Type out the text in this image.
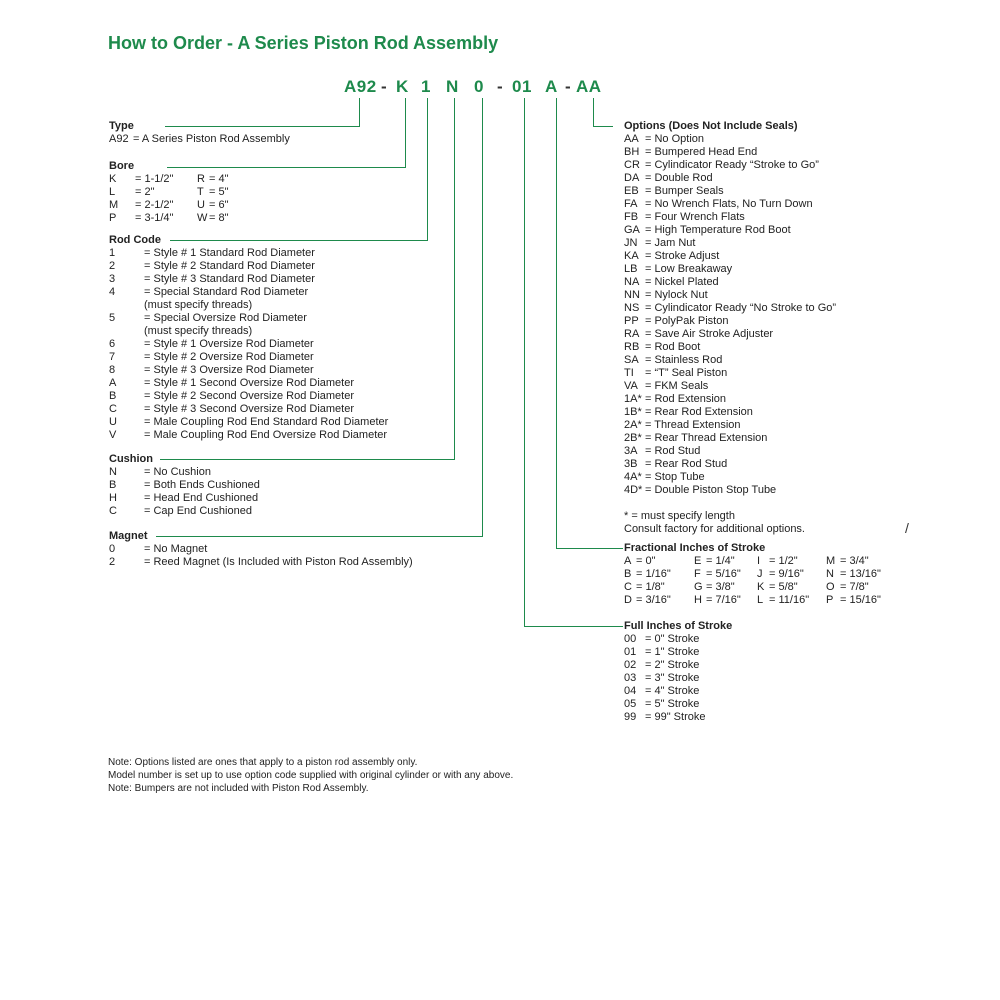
How to Order - A Series Piston Rod Assembly
A92 - K 1 N 0 - 01 A - AA
Type
A92 = A Series Piston Rod Assembly
Bore
K	= 1-1/2"	R = 4"
L	= 2"	T = 5"
M	= 2-1/2"	U = 6"
P	= 3-1/4"	W = 8"
Rod Code
1	= Style # 1 Standard Rod Diameter
2	= Style # 2 Standard Rod Diameter
3	= Style # 3 Standard Rod Diameter
4	= Special Standard Rod Diameter
(must specify threads)
5	= Special Oversize Rod Diameter
(must specify threads)
6	= Style # 1 Oversize Rod Diameter
7	= Style # 2 Oversize Rod Diameter
8	= Style # 3 Oversize Rod Diameter
A	= Style # 1 Second Oversize Rod Diameter
B	= Style # 2 Second Oversize Rod Diameter
C	= Style # 3 Second Oversize Rod Diameter
U	= Male Coupling Rod End Standard Rod Diameter
V	= Male Coupling Rod End Oversize Rod Diameter
Cushion
N	= No Cushion
B	= Both Ends Cushioned
H	= Head End Cushioned
C	= Cap End Cushioned
Magnet
0	= No Magnet
2	= Reed Magnet (Is Included with Piston Rod Assembly)
Options (Does Not Include Seals)
AA = No Option
BH = Bumpered Head End
CR = Cylindicator Ready “Stroke to Go”
DA = Double Rod
EB = Bumper Seals
FA = No Wrench Flats, No Turn Down
FB = Four Wrench Flats
GA = High Temperature Rod Boot
JN = Jam Nut
KA = Stroke Adjust
LB = Low Breakaway
NA = Nickel Plated
NN = Nylock Nut
NS = Cylindicator Ready “No Stroke to Go”
PP = PolyPak Piston
RA = Save Air Stroke Adjuster
RB = Rod Boot
SA = Stainless Rod
TI	= “T” Seal Piston
VA = FKM Seals
1A* = Rod Extension
1B* = Rear Rod Extension
2A* = Thread Extension
2B* = Rear Thread Extension
3A = Rod Stud
3B = Rear Rod Stud
4A* = Stop Tube
4D* = Double Piston Stop Tube
* = must specify length
Consult factory for additional options.
Fractional Inches of Stroke
A = 0"	E = 1/4"	I = 1/2"	M = 3/4"
B = 1/16"	F = 5/16"	J = 9/16"	N = 13/16"
C = 1/8"	G = 3/8"	K = 5/8"	O = 7/8"
D = 3/16"	H = 7/16"	L = 11/16"	P = 15/16"
Full Inches of Stroke
00 = 0" Stroke
01 = 1" Stroke
02 = 2" Stroke
03 = 3" Stroke
04 = 4" Stroke
05 = 5" Stroke
99 = 99" Stroke
Note: Options listed are ones that apply to a piston rod assembly only.
Model number is set up to use option code supplied with original cylinder or with any above.
Note: Bumpers are not included with Piston Rod Assembly.
/
